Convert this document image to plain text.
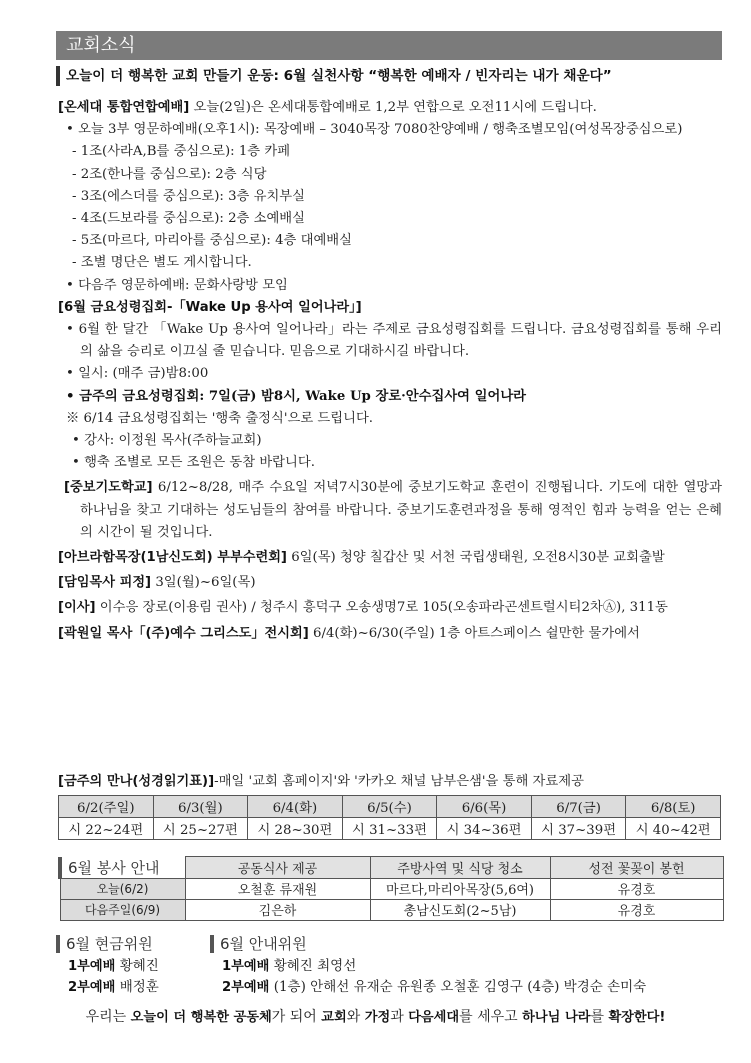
교회소식
오늘이 더 행복한 교회 만들기 운동: 6월 실천사항 “행복한 예배자 / 빈자리는 내가 채운다”
[온세대 통합연합예배] 오늘(2일)은 온세대통합예배로 1,2부 연합으로 오전11시에 드립니다.
• 오늘 3부 영문하예배(오후1시): 목장예배 – 3040목장 7080찬양예배 / 행축조별모임(여성목장중심으로)
- 1조(사라A,B를 중심으로): 1층 카페
- 2조(한나를 중심으로): 2층 식당
- 3조(에스더를 중심으로): 3층 유치부실
- 4조(드보라를 중심으로): 2층 소예배실
- 5조(마르다, 마리아를 중심으로): 4층 대예배실
- 조별 명단은 별도 게시합니다.
• 다음주 영문하예배: 문화사랑방 모임
[6월 금요성령집회-「Wake Up 용사여 일어나라」]
• 6월 한 달간 「Wake Up 용사여 일어나라」라는 주제로 금요성령집회를 드립니다. 금요성령집회를 통해 우리의 삶을 승리로 이끄실 줄 믿습니다. 믿음으로 기대하시길 바랍니다.
• 일시: (매주 금)밤8:00
• 금주의 금요성령집회: 7일(금) 밤8시, Wake Up 장로·안수집사여 일어나라
※ 6/14 금요성령집회는 '행축 출정식'으로 드립니다.
• 강사: 이정원 목사(주하늘교회)
• 행축 조별로 모든 조원은 동참 바랍니다.
[중보기도학교] 6/12~8/28, 매주 수요일 저녁7시30분에 중보기도학교 훈련이 진행됩니다. 기도에 대한 열망과 하나님을 찾고 기대하는 성도님들의 참여를 바랍니다. 중보기도훈련과정을 통해 영적인 힘과 능력을 얻는 은혜의 시간이 될 것입니다.
[아브라함목장(1남신도회) 부부수련회] 6일(목) 청양 칠갑산 및 서천 국립생태원, 오전8시30분 교회출발
[담임목사 피정] 3일(월)~6일(목)
[이사] 이수응 장로(이용림 권사) / 청주시 흥덕구 오송생명7로 105(오송파라곤센트럴시티2차Ⓐ), 311동
[곽원일 목사「(주)예수 그리스도」전시회] 6/4(화)~6/30(주일) 1층 아트스페이스 쉴만한 물가에서
[금주의 만나(성경읽기표)]-매일 '교회 홈페이지'와 '카카오 채널 남부은샘'을 통해 자료제공
6/2(주일)	6/3(월)	6/4(화)	6/5(수)	6/6(목)	6/7(금)	6/8(토)
시 22~24편	시 25~27편	시 28~30편	시 31~33편	시 34~36편	시 37~39편	시 40~42편
6월 봉사 안내	공동식사 제공	주방사역 및 식당 청소	성전 꽃꽂이 봉헌
오늘(6/2)	오철훈 류재원	마르다,마리아목장(5,6여)	유경호
다음주일(6/9)	김은하	총남신도회(2~5남)	유경호
6월 현금위원
1부예배 황혜진
2부예배 배정훈
6월 안내위원
1부예배 황혜진 최영선
2부예배 (1층) 안해선 유재순 유원종 오철훈 김영구 (4층) 박경순 손미숙
우리는 오늘이 더 행복한 공동체가 되어 교회와 가정과 다음세대를 세우고 하나님 나라를 확장한다!
